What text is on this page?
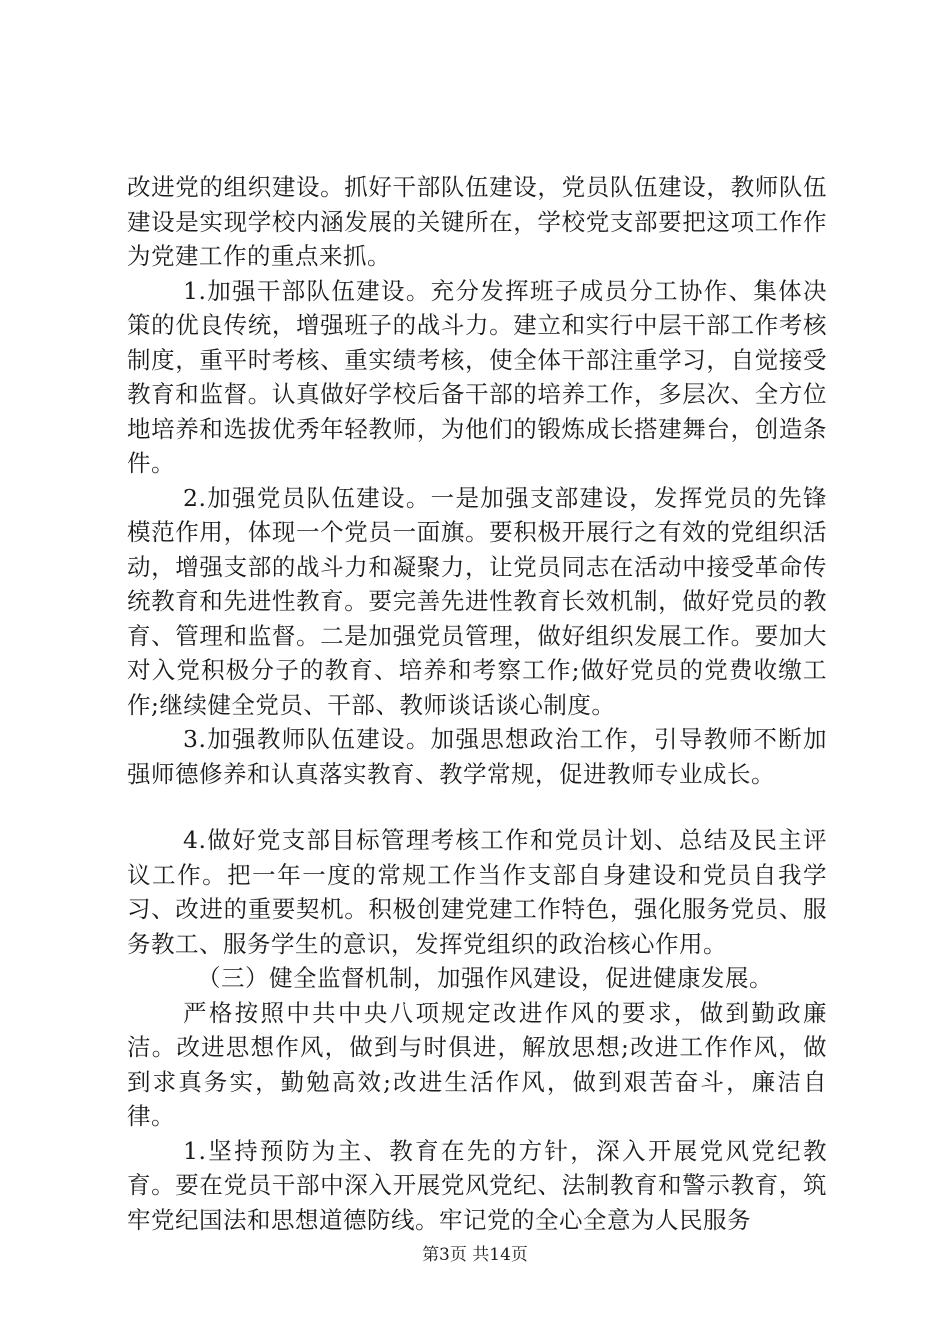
改进党的组织建设。抓好干部队伍建设，党员队伍建设，教师队伍建设是实现学校内涵发展的关键所在，学校党支部要把这项工作作为党建工作的重点来抓。

1.加强干部队伍建设。充分发挥班子成员分工协作、集体决策的优良传统，增强班子的战斗力。建立和实行中层干部工作考核制度，重平时考核、重实绩考核，使全体干部注重学习，自觉接受教育和监督。认真做好学校后备干部的培养工作，多层次、全方位地培养和选拔优秀年轻教师，为他们的锻炼成长搭建舞台，创造条件。

2.加强党员队伍建设。一是加强支部建设，发挥党员的先锋模范作用，体现一个党员一面旗。要积极开展行之有效的党组织活动，增强支部的战斗力和凝聚力，让党员同志在活动中接受革命传统教育和先进性教育。要完善先进性教育长效机制，做好党员的教育、管理和监督。二是加强党员管理，做好组织发展工作。要加大对入党积极分子的教育、培养和考察工作;做好党员的党费收缴工作;继续健全党员、干部、教师谈话谈心制度。

3.加强教师队伍建设。加强思想政治工作，引导教师不断加强师德修养和认真落实教育、教学常规，促进教师专业成长。

4.做好党支部目标管理考核工作和党员计划、总结及民主评议工作。把一年一度的常规工作当作支部自身建设和党员自我学习、改进的重要契机。积极创建党建工作特色，强化服务党员、服务教工、服务学生的意识，发挥党组织的政治核心作用。

（三）健全监督机制，加强作风建设，促进健康发展。

严格按照中共中央八项规定改进作风的要求，做到勤政廉洁。改进思想作风，做到与时俱进，解放思想;改进工作作风，做到求真务实，勤勉高效;改进生活作风，做到艰苦奋斗，廉洁自律。

1.坚持预防为主、教育在先的方针，深入开展党风党纪教育。要在党员干部中深入开展党风党纪、法制教育和警示教育，筑牢党纪国法和思想道德防线。牢记党的全心全意为人民服务

第3页 共14页
